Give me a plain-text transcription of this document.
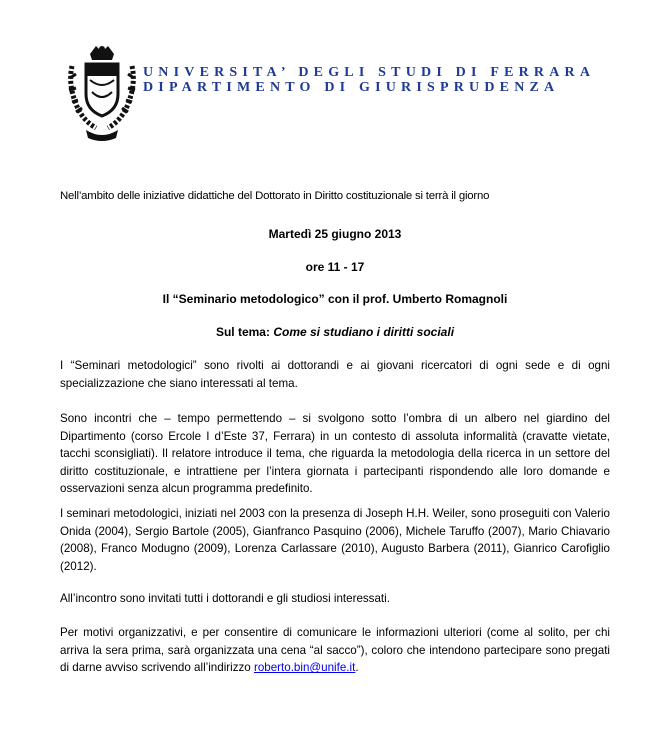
UNIVERSITA’ DEGLI STUDI DI FERRARA
DIPARTIMENTO DI GIURISPRUDENZA
Nell’ambito delle iniziative didattiche del Dottorato in Diritto costituzionale si terrà il giorno
Martedì 25 giugno 2013
ore 11 - 17
Il “Seminario metodologico” con il prof. Umberto Romagnoli
Sul tema: Come si studiano i diritti sociali
I “Seminari metodologici” sono rivolti ai dottorandi e ai giovani ricercatori di ogni sede e di ogni specializzazione che siano interessati al tema.
Sono incontri che – tempo permettendo – si svolgono sotto l’ombra di un albero nel giardino del Dipartimento (corso Ercole I d’Este 37, Ferrara) in un contesto di assoluta informalità (cravatte vietate, tacchi sconsigliati). Il relatore introduce il tema, che riguarda la metodologia della ricerca in un settore del diritto costituzionale, e intrattiene per l’intera giornata i partecipanti rispondendo alle loro domande e osservazioni senza alcun programma predefinito.
I seminari metodologici, iniziati nel 2003 con la presenza di Joseph H.H. Weiler, sono proseguiti con Valerio Onida (2004), Sergio Bartole (2005), Gianfranco Pasquino (2006), Michele Taruffo (2007), Mario Chiavario (2008), Franco Modugno (2009), Lorenza Carlassare (2010), Augusto Barbera (2011), Gianrico Carofiglio (2012).
All’incontro sono invitati tutti i dottorandi e gli studiosi interessati.
Per motivi organizzativi, e per consentire di comunicare le informazioni ulteriori (come al solito, per chi arriva la sera prima, sarà organizzata una cena “al sacco”), coloro che intendono partecipare sono pregati di darne avviso scrivendo all’indirizzo roberto.bin@unife.it.
